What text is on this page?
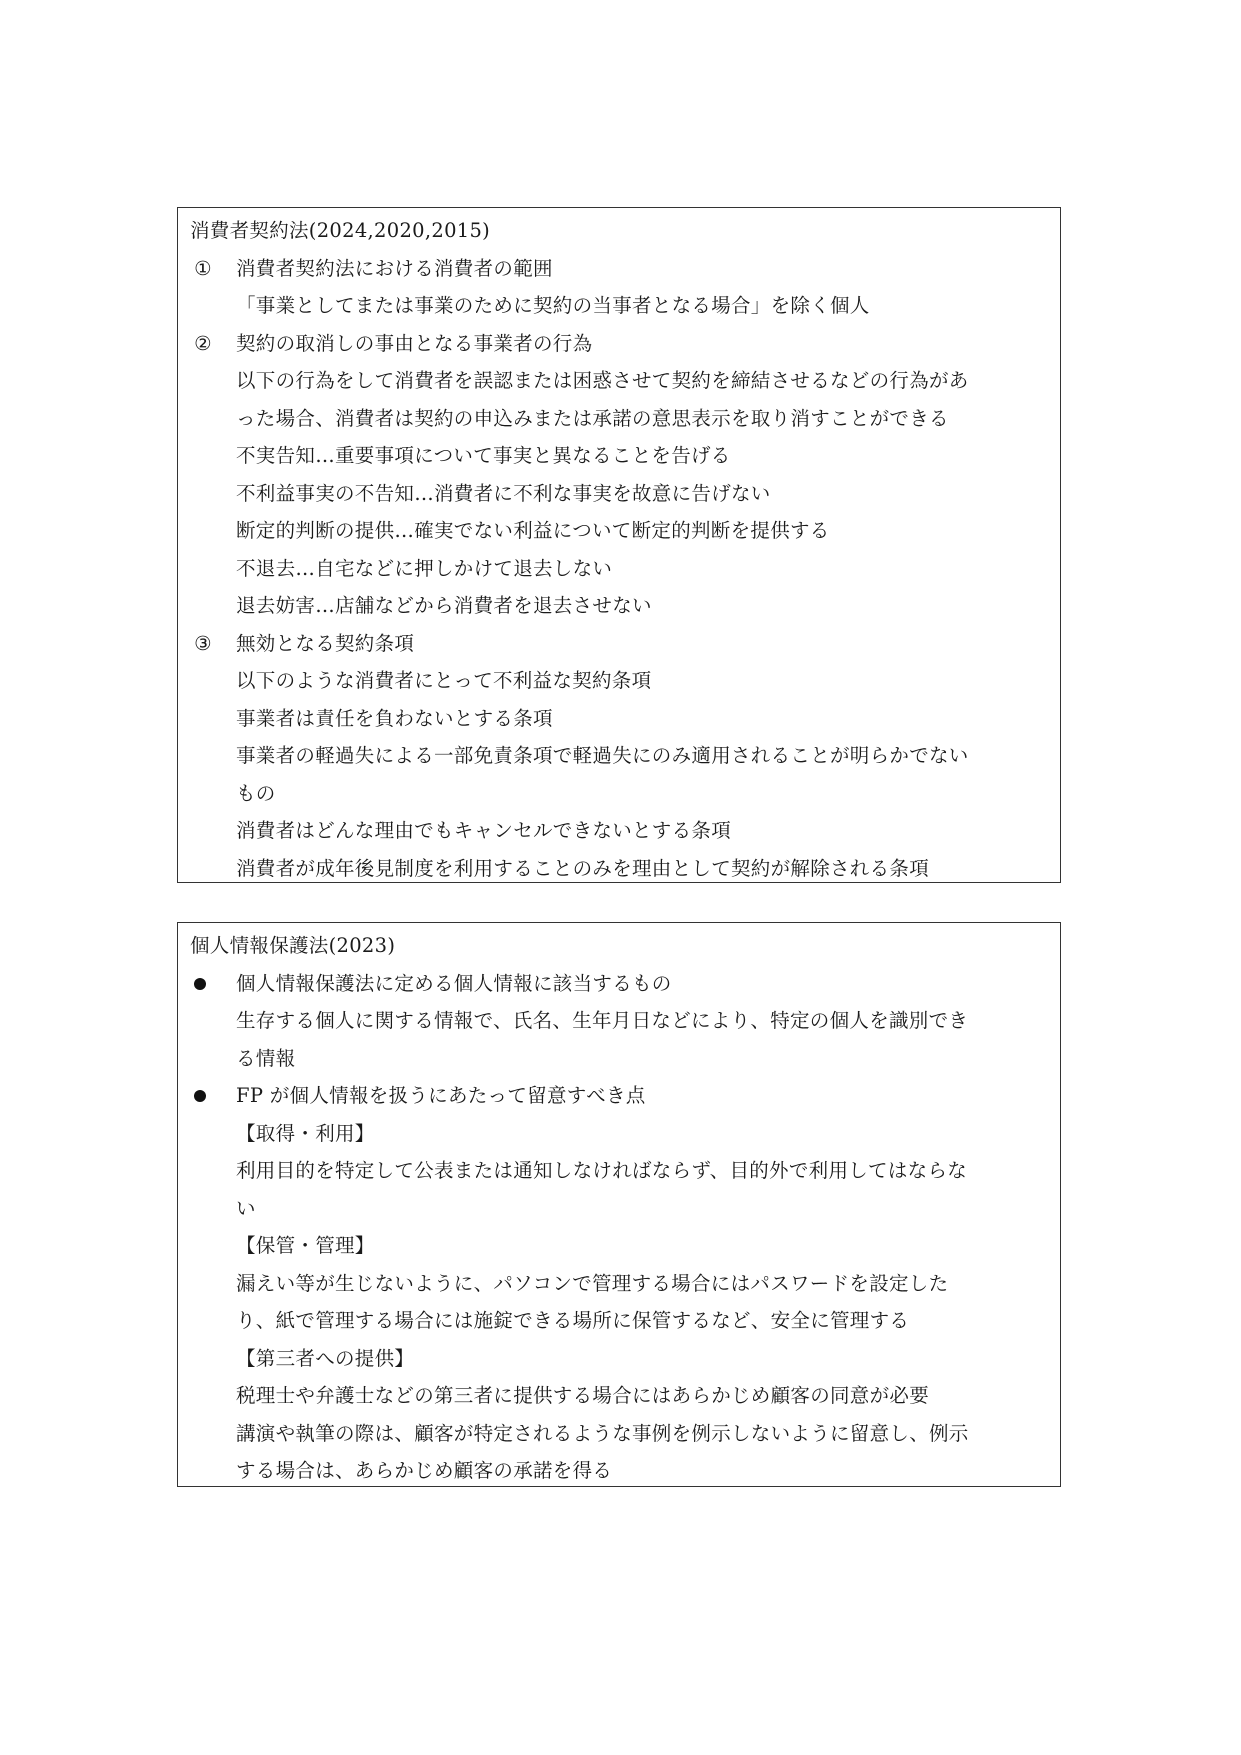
消費者契約法(2024,2020,2015)
①	消費者契約法における消費者の範囲
「事業としてまたは事業のために契約の当事者となる場合」を除く個人
②	契約の取消しの事由となる事業者の行為
以下の行為をして消費者を誤認または困惑させて契約を締結させるなどの行為があ
った場合、消費者は契約の申込みまたは承諾の意思表示を取り消すことができる
不実告知…重要事項について事実と異なることを告げる
不利益事実の不告知…消費者に不利な事実を故意に告げない
断定的判断の提供…確実でない利益について断定的判断を提供する
不退去…自宅などに押しかけて退去しない
退去妨害…店舗などから消費者を退去させない
③	無効となる契約条項
以下のような消費者にとって不利益な契約条項
事業者は責任を負わないとする条項
事業者の軽過失による一部免責条項で軽過失にのみ適用されることが明らかでない
もの
消費者はどんな理由でもキャンセルできないとする条項
消費者が成年後見制度を利用することのみを理由として契約が解除される条項
個人情報保護法(2023)
個人情報保護法に定める個人情報に該当するもの
生存する個人に関する情報で、氏名、生年月日などにより、特定の個人を識別でき
る情報
FP が個人情報を扱うにあたって留意すべき点
【取得・利用】
利用目的を特定して公表または通知しなければならず、目的外で利用してはならな
い
【保管・管理】
漏えい等が生じないように、パソコンで管理する場合にはパスワードを設定した
り、紙で管理する場合には施錠できる場所に保管するなど、安全に管理する
【第三者への提供】
税理士や弁護士などの第三者に提供する場合にはあらかじめ顧客の同意が必要
講演や執筆の際は、顧客が特定されるような事例を例示しないように留意し、例示
する場合は、あらかじめ顧客の承諾を得る
